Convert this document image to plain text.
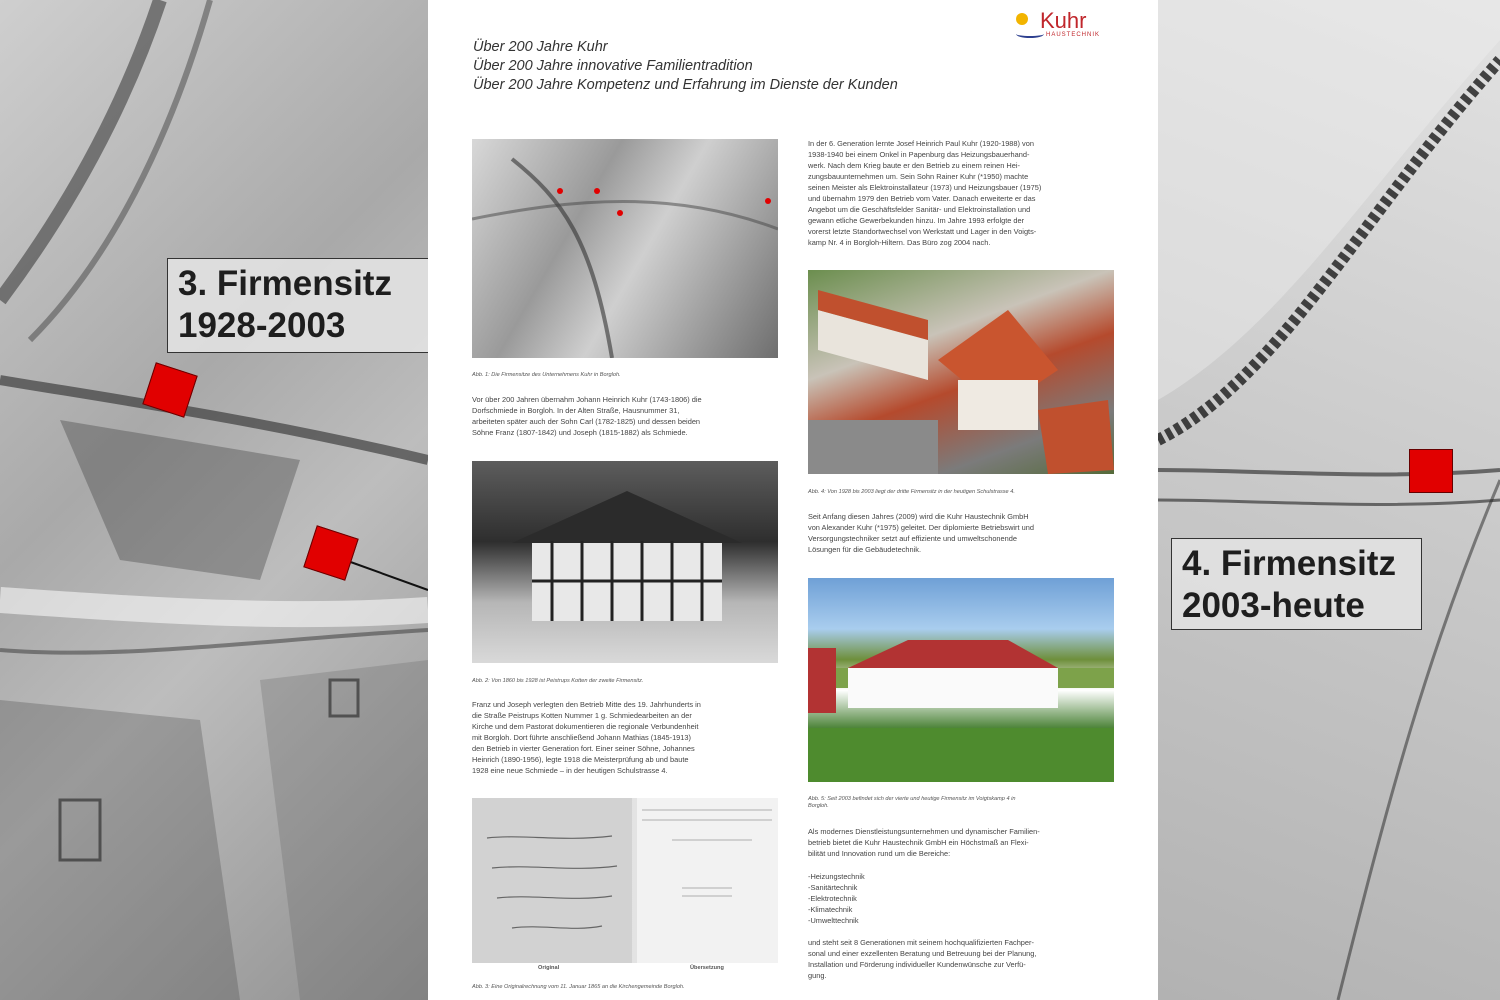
3. Firmensitz
1928-2003
4. Firmensitz
2003-heute
Kuhr
HAUSTECHNIK
Über 200 Jahre Kuhr
Über 200 Jahre innovative Familientradition
Über 200 Jahre Kompetenz und Erfahrung im Dienste der Kunden
Abb. 1: Die Firmensitze des Unternehmens Kuhr in Borgloh.
Vor über 200 Jahren übernahm Johann Heinrich Kuhr (1743-1806) die
Dorfschmiede in Borgloh. In der Alten Straße, Hausnummer 31,
arbeiteten später auch der Sohn Carl (1782-1825) und dessen beiden
Söhne Franz (1807-1842) und Joseph (1815-1882) als Schmiede.
Abb. 2: Von 1860 bis 1928 ist Peistrups Kotten der zweite Firmensitz.
Franz und Joseph verlegten den Betrieb Mitte des 19. Jahrhunderts in
die Straße Peistrups Kotten Nummer 1 g. Schmiedearbeiten an der
Kirche und dem Pastorat dokumentieren die regionale Verbundenheit
mit Borgloh. Dort führte anschließend Johann Mathias (1845-1913)
den Betrieb in vierter Generation fort. Einer seiner Söhne, Johannes
Heinrich (1890-1956), legte 1918 die Meisterprüfung ab und baute
1928 eine neue Schmiede – in der heutigen Schulstrasse 4.
Original	Übersetzung
Abb. 3: Eine Originalrechnung vom 11. Januar 1865 an die Kirchengemeinde Borgloh.
In der 6. Generation lernte Josef Heinrich Paul Kuhr (1920-1988) von
1938-1940 bei einem Onkel in Papenburg das Heizungsbauerhand-
werk. Nach dem Krieg baute er den Betrieb zu einem reinen Hei-
zungsbauunternehmen um. Sein Sohn Rainer Kuhr (*1950) machte
seinen Meister als Elektroinstallateur (1973) und Heizungsbauer (1975)
und übernahm 1979 den Betrieb vom Vater. Danach erweiterte er das
Angebot um die Geschäftsfelder Sanitär- und Elektroinstallation und
gewann etliche Gewerbekunden hinzu. Im Jahre 1993 erfolgte der
vorerst letzte Standortwechsel von Werkstatt und Lager in den Voigts-
kamp Nr. 4 in Borgloh-Hiltern. Das Büro zog 2004 nach.
Abb. 4: Von 1928 bis 2003 liegt der dritte Firmensitz in der heutigen Schulstrasse 4.
Seit Anfang diesen Jahres (2009) wird die Kuhr Haustechnik GmbH
von Alexander Kuhr (*1975) geleitet. Der diplomierte Betriebswirt und
Versorgungstechniker setzt auf effiziente und umweltschonende
Lösungen für die Gebäudetechnik.
Abb. 5: Seit 2003 befindet sich der vierte und heutige Firmensitz im Voigtskamp 4 in
Borgloh.
Als modernes Dienstleistungsunternehmen und dynamischer Familien-
betrieb bietet die Kuhr Haustechnik GmbH ein Höchstmaß an Flexi-
bilität und Innovation rund um die Bereiche:
-Heizungstechnik
-Sanitärtechnik
-Elektrotechnik
-Klimatechnik
-Umwelttechnik
und steht seit 8 Generationen mit seinem hochqualifizierten Fachper-
sonal und einer exzellenten Beratung und Betreuung bei der Planung,
Installation und Förderung individueller Kundenwünsche zur Verfü-
gung.
